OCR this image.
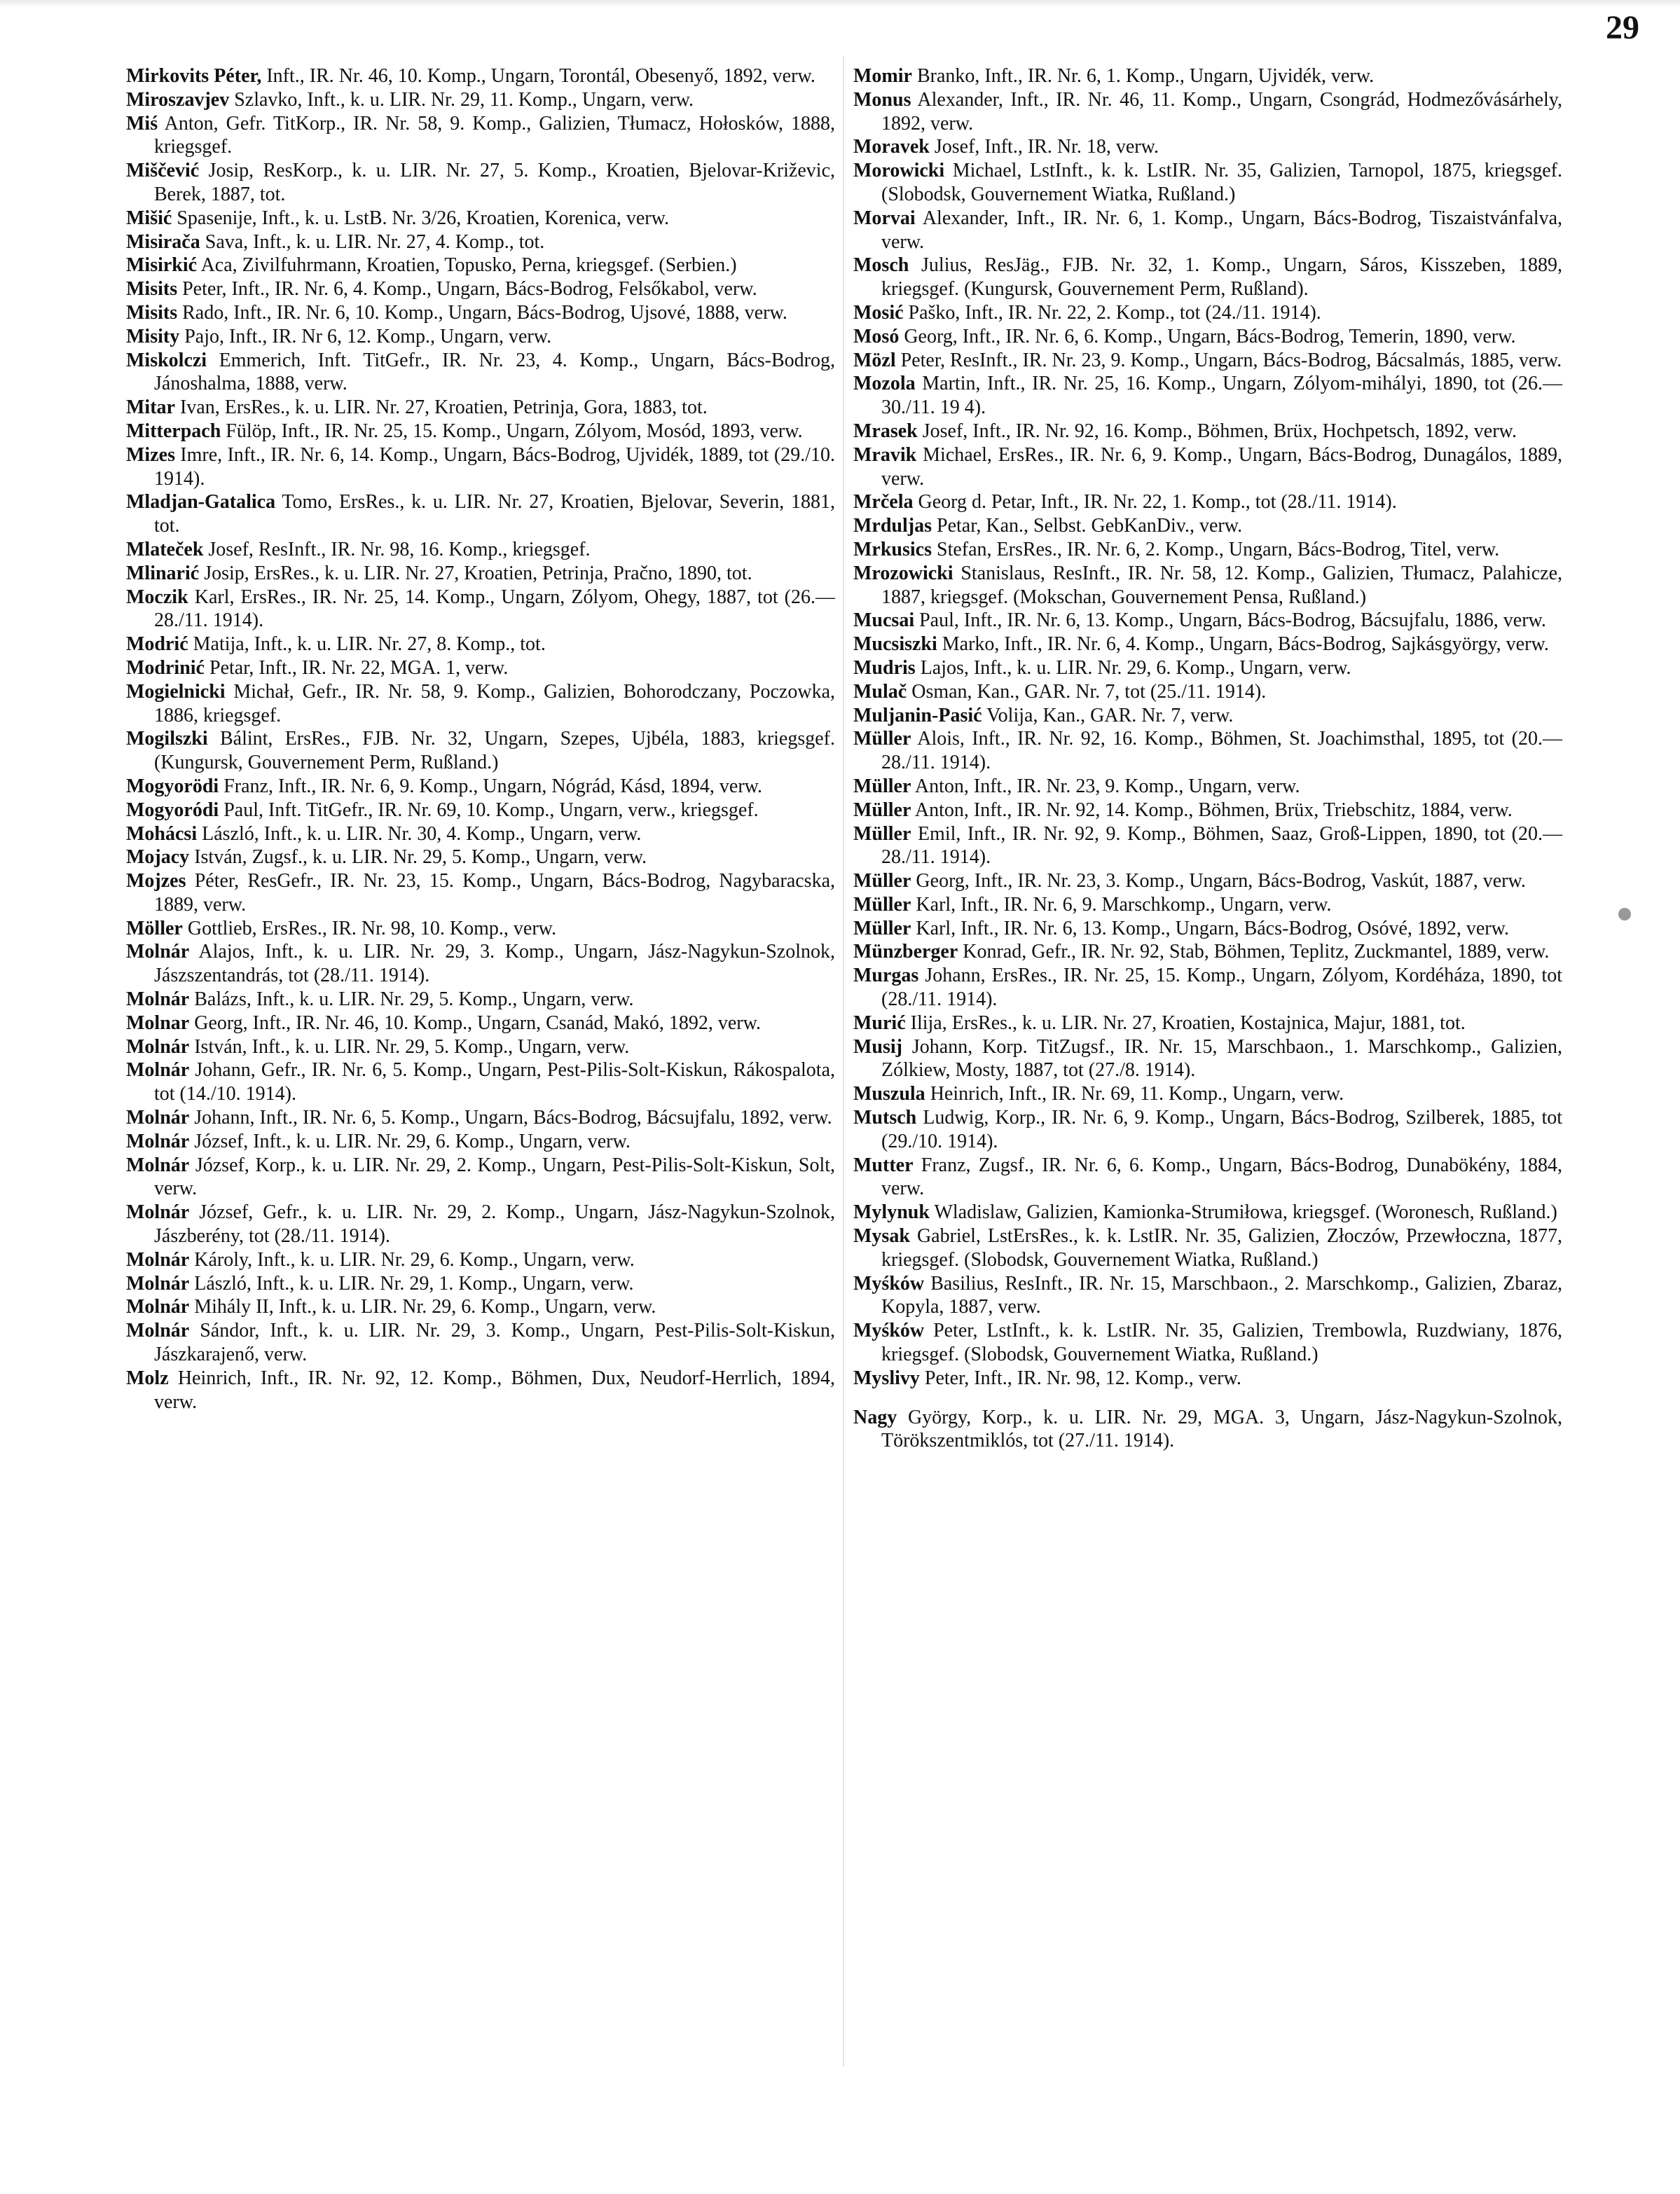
29

Mirkovits Péter, Inft., IR. Nr. 46, 10. Komp., Ungarn, Torontál, Obesenyő, 1892, verw.

Miroszavjev Szlavko, Inft., k. u. LIR. Nr. 29, 11. Komp., Ungarn, verw.

Miś Anton, Gefr. TitKorp., IR. Nr. 58, 9. Komp., Galizien, Tłumacz, Hołosków, 1888, kriegsgef.

Miščević Josip, ResKorp., k. u. LIR. Nr. 27, 5. Komp., Kroatien, Bjelovar-Križevic, Berek, 1887, tot.

Mišić Spasenije, Inft., k. u. LstB. Nr. 3/26, Kroatien, Korenica, verw.

Misirača Sava, Inft., k. u. LIR. Nr. 27, 4. Komp., tot.

Misirkić Aca, Zivilfuhrmann, Kroatien, Topusko, Perna, kriegsgef. (Serbien.)

Misits Peter, Inft., IR. Nr. 6, 4. Komp., Ungarn, Bács-Bodrog, Felsőkabol, verw.

Misits Rado, Inft., IR. Nr. 6, 10. Komp., Ungarn, Bács-Bodrog, Ujsové, 1888, verw.

Misity Pajo, Inft., IR. Nr 6, 12. Komp., Ungarn, verw.

Miskolczi Emmerich, Inft. TitGefr., IR. Nr. 23, 4. Komp., Ungarn, Bács-Bodrog, Jánoshalma, 1888, verw.

Mitar Ivan, ErsRes., k. u. LIR. Nr. 27, Kroatien, Petrinja, Gora, 1883, tot.

Mitterpach Fülöp, Inft., IR. Nr. 25, 15. Komp., Ungarn, Zólyom, Mosód, 1893, verw.

Mizes Imre, Inft., IR. Nr. 6, 14. Komp., Ungarn, Bács-Bodrog, Ujvidék, 1889, tot (29./10. 1914).

Mladjan-Gatalica Tomo, ErsRes., k. u. LIR. Nr. 27, Kroatien, Bjelovar, Severin, 1881, tot.

Mlateček Josef, ResInft., IR. Nr. 98, 16. Komp., kriegsgef.

Mlinarić Josip, ErsRes., k. u. LIR. Nr. 27, Kroatien, Petrinja, Pračno, 1890, tot.

Moczik Karl, ErsRes., IR. Nr. 25, 14. Komp., Ungarn, Zólyom, Ohegy, 1887, tot (26.—28./11. 1914).

Modrić Matija, Inft., k. u. LIR. Nr. 27, 8. Komp., tot.

Modrinić Petar, Inft., IR. Nr. 22, MGA. 1, verw.

Mogielnicki Michał, Gefr., IR. Nr. 58, 9. Komp., Galizien, Bohorodczany, Poczowka, 1886, kriegsgef.

Mogilszki Bálint, ErsRes., FJB. Nr. 32, Ungarn, Szepes, Ujbéla, 1883, kriegsgef. (Kungursk, Gouvernement Perm, Rußland.)

Mogyorödi Franz, Inft., IR. Nr. 6, 9. Komp., Ungarn, Nógrád, Kásd, 1894, verw.

Mogyoródi Paul, Inft. TitGefr., IR. Nr. 69, 10. Komp., Ungarn, verw., kriegsgef.

Mohácsi László, Inft., k. u. LIR. Nr. 30, 4. Komp., Ungarn, verw.

Mojacy István, Zugsf., k. u. LIR. Nr. 29, 5. Komp., Ungarn, verw.

Mojzes Péter, ResGefr., IR. Nr. 23, 15. Komp., Ungarn, Bács-Bodrog, Nagybaracska, 1889, verw.

Möller Gottlieb, ErsRes., IR. Nr. 98, 10. Komp., verw.

Molnár Alajos, Inft., k. u. LIR. Nr. 29, 3. Komp., Ungarn, Jász-Nagykun-Szolnok, Jászszentandrás, tot (28./11. 1914).

Molnár Balázs, Inft., k. u. LIR. Nr. 29, 5. Komp., Ungarn, verw.

Molnar Georg, Inft., IR. Nr. 46, 10. Komp., Ungarn, Csanád, Makó, 1892, verw.

Molnár István, Inft., k. u. LIR. Nr. 29, 5. Komp., Ungarn, verw.

Molnár Johann, Gefr., IR. Nr. 6, 5. Komp., Ungarn, Pest-Pilis-Solt-Kiskun, Rákospalota, tot (14./10. 1914).

Molnár Johann, Inft., IR. Nr. 6, 5. Komp., Ungarn, Bács-Bodrog, Bácsujfalu, 1892, verw.

Molnár József, Inft., k. u. LIR. Nr. 29, 6. Komp., Ungarn, verw.

Molnár József, Korp., k. u. LIR. Nr. 29, 2. Komp., Ungarn, Pest-Pilis-Solt-Kiskun, Solt, verw.

Molnár József, Gefr., k. u. LIR. Nr. 29, 2. Komp., Ungarn, Jász-Nagykun-Szolnok, Jászberény, tot (28./11. 1914).

Molnár Károly, Inft., k. u. LIR. Nr. 29, 6. Komp., Ungarn, verw.

Molnár László, Inft., k. u. LIR. Nr. 29, 1. Komp., Ungarn, verw.

Molnár Mihály II, Inft., k. u. LIR. Nr. 29, 6. Komp., Ungarn, verw.

Molnár Sándor, Inft., k. u. LIR. Nr. 29, 3. Komp., Ungarn, Pest-Pilis-Solt-Kiskun, Jászkarajenő, verw.

Molz Heinrich, Inft., IR. Nr. 92, 12. Komp., Böhmen, Dux, Neudorf-Herrlich, 1894, verw.

Momir Branko, Inft., IR. Nr. 6, 1. Komp., Ungarn, Ujvidék, verw.

Monus Alexander, Inft., IR. Nr. 46, 11. Komp., Ungarn, Csongrád, Hodmezővásárhely, 1892, verw.

Moravek Josef, Inft., IR. Nr. 18, verw.

Morowicki Michael, LstInft., k. k. LstIR. Nr. 35, Galizien, Tarnopol, 1875, kriegsgef. (Slobodsk, Gouvernement Wiatka, Rußland.)

Morvai Alexander, Inft., IR. Nr. 6, 1. Komp., Ungarn, Bács-Bodrog, Tiszaistvánfalva, verw.

Mosch Julius, ResJäg., FJB. Nr. 32, 1. Komp., Ungarn, Sáros, Kisszeben, 1889, kriegsgef. (Kungursk, Gouvernement Perm, Rußland).

Mosić Paško, Inft., IR. Nr. 22, 2. Komp., tot (24./11. 1914).

Mosó Georg, Inft., IR. Nr. 6, 6. Komp., Ungarn, Bács-Bodrog, Temerin, 1890, verw.

Mözl Peter, ResInft., IR. Nr. 23, 9. Komp., Ungarn, Bács-Bodrog, Bácsalmás, 1885, verw.

Mozola Martin, Inft., IR. Nr. 25, 16. Komp., Ungarn, Zólyom-mihályi, 1890, tot (26.—30./11. 19 4).

Mrasek Josef, Inft., IR. Nr. 92, 16. Komp., Böhmen, Brüx, Hochpetsch, 1892, verw.

Mravik Michael, ErsRes., IR. Nr. 6, 9. Komp., Ungarn, Bács-Bodrog, Dunagálos, 1889, verw.

Mrčela Georg d. Petar, Inft., IR. Nr. 22, 1. Komp., tot (28./11. 1914).

Mrduljas Petar, Kan., Selbst. GebKanDiv., verw.

Mrkusics Stefan, ErsRes., IR. Nr. 6, 2. Komp., Ungarn, Bács-Bodrog, Titel, verw.

Mrozowicki Stanislaus, ResInft., IR. Nr. 58, 12. Komp., Galizien, Tłumacz, Palahicze, 1887, kriegsgef. (Mokschan, Gouvernement Pensa, Rußland.)

Mucsai Paul, Inft., IR. Nr. 6, 13. Komp., Ungarn, Bács-Bodrog, Bácsujfalu, 1886, verw.

Mucsiszki Marko, Inft., IR. Nr. 6, 4. Komp., Ungarn, Bács-Bodrog, Sajkásgyörgy, verw.

Mudris Lajos, Inft., k. u. LIR. Nr. 29, 6. Komp., Ungarn, verw.

Mulač Osman, Kan., GAR. Nr. 7, tot (25./11. 1914).

Muljanin-Pasić Volija, Kan., GAR. Nr. 7, verw.

Müller Alois, Inft., IR. Nr. 92, 16. Komp., Böhmen, St. Joachimsthal, 1895, tot (20.—28./11. 1914).

Müller Anton, Inft., IR. Nr. 23, 9. Komp., Ungarn, verw.

Müller Anton, Inft., IR. Nr. 92, 14. Komp., Böhmen, Brüx, Triebschitz, 1884, verw.

Müller Emil, Inft., IR. Nr. 92, 9. Komp., Böhmen, Saaz, Groß-Lippen, 1890, tot (20.—28./11. 1914).

Müller Georg, Inft., IR. Nr. 23, 3. Komp., Ungarn, Bács-Bodrog, Vaskút, 1887, verw.

Müller Karl, Inft., IR. Nr. 6, 9. Marschkomp., Ungarn, verw.

Müller Karl, Inft., IR. Nr. 6, 13. Komp., Ungarn, Bács-Bodrog, Osóvé, 1892, verw.

Münzberger Konrad, Gefr., IR. Nr. 92, Stab, Böhmen, Teplitz, Zuckmantel, 1889, verw.

Murgas Johann, ErsRes., IR. Nr. 25, 15. Komp., Ungarn, Zólyom, Kordéháza, 1890, tot (28./11. 1914).

Murić Ilija, ErsRes., k. u. LIR. Nr. 27, Kroatien, Kostajnica, Majur, 1881, tot.

Musij Johann, Korp. TitZugsf., IR. Nr. 15, Marschbaon., 1. Marschkomp., Galizien, Zólkiew, Mosty, 1887, tot (27./8. 1914).

Muszula Heinrich, Inft., IR. Nr. 69, 11. Komp., Ungarn, verw.

Mutsch Ludwig, Korp., IR. Nr. 6, 9. Komp., Ungarn, Bács-Bodrog, Szilberek, 1885, tot (29./10. 1914).

Mutter Franz, Zugsf., IR. Nr. 6, 6. Komp., Ungarn, Bács-Bodrog, Dunabökény, 1884, verw.

Mylynuk Wladislaw, Galizien, Kamionka-Strumiłowa, kriegsgef. (Woronesch, Rußland.)

Mysak Gabriel, LstErsRes., k. k. LstIR. Nr. 35, Galizien, Złoczów, Przewłoczna, 1877, kriegsgef. (Slobodsk, Gouvernement Wiatka, Rußland.)

Myśków Basilius, ResInft., IR. Nr. 15, Marschbaon., 2. Marschkomp., Galizien, Zbaraz, Kopyla, 1887, verw.

Myśków Peter, LstInft., k. k. LstIR. Nr. 35, Galizien, Trembowla, Ruzdwiany, 1876, kriegsgef. (Slobodsk, Gouvernement Wiatka, Rußland.)

Myslivy Peter, Inft., IR. Nr. 98, 12. Komp., verw.

Nagy György, Korp., k. u. LIR. Nr. 29, MGA. 3, Ungarn, Jász-Nagykun-Szolnok, Törökszentmiklós, tot (27./11. 1914).
